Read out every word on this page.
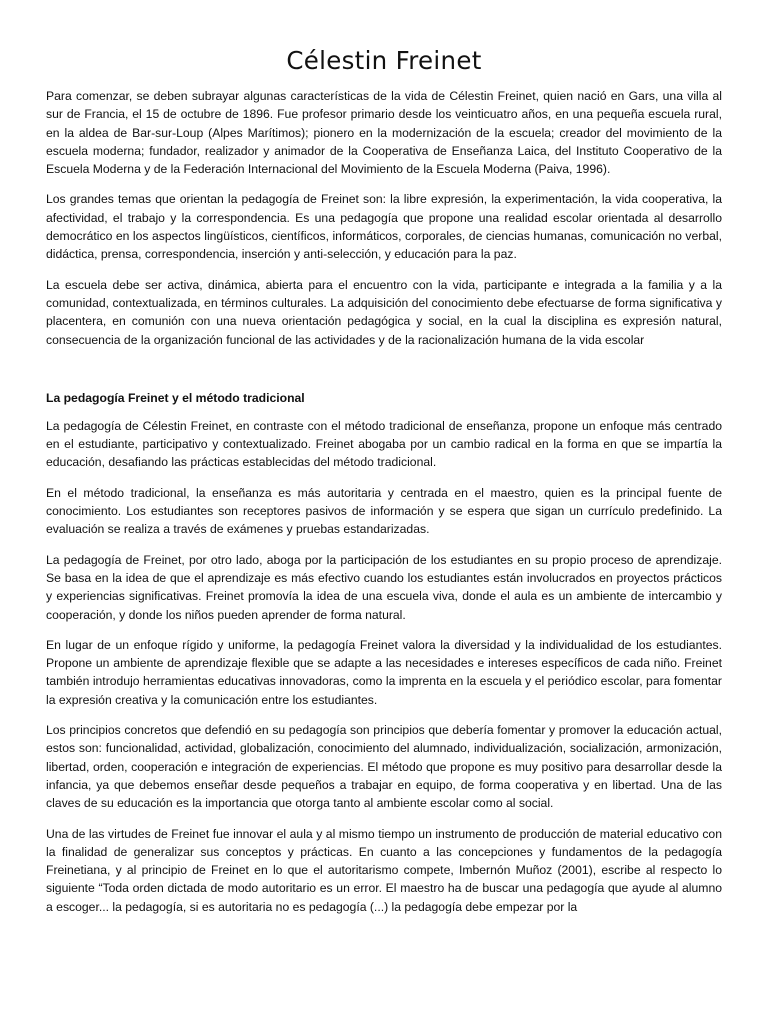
Célestin Freinet

Para comenzar, se deben subrayar algunas características de la vida de Célestin Freinet, quien nació en Gars, una villa al sur de Francia, el 15 de octubre de 1896. Fue profesor primario desde los veinticuatro años, en una pequeña escuela rural, en la aldea de Bar-sur-Loup (Alpes Marítimos); pionero en la modernización de la escuela; creador del movimiento de la escuela moderna; fundador, realizador y animador de la Cooperativa de Enseñanza Laica, del Instituto Cooperativo de la Escuela Moderna y de la Federación Internacional del Movimiento de la Escuela Moderna (Paiva, 1996).

Los grandes temas que orientan la pedagogía de Freinet son: la libre expresión, la experimentación, la vida cooperativa, la afectividad, el trabajo y la correspondencia. Es una pedagogía que propone una realidad escolar orientada al desarrollo democrático en los aspectos lingüísticos, científicos, informáticos, corporales, de ciencias humanas, comunicación no verbal, didáctica, prensa, correspondencia, inserción y anti-selección, y educación para la paz.

La escuela debe ser activa, dinámica, abierta para el encuentro con la vida, participante e integrada a la familia y a la comunidad, contextualizada, en términos culturales. La adquisición del conocimiento debe efectuarse de forma significativa y placentera, en comunión con una nueva orientación pedagógica y social, en la cual la disciplina es expresión natural, consecuencia de la organización funcional de las actividades y de la racionalización humana de la vida escolar

La pedagogía Freinet y el método tradicional

La pedagogía de Célestin Freinet, en contraste con el método tradicional de enseñanza, propone un enfoque más centrado en el estudiante, participativo y contextualizado. Freinet abogaba por un cambio radical en la forma en que se impartía la educación, desafiando las prácticas establecidas del método tradicional.

En el método tradicional, la enseñanza es más autoritaria y centrada en el maestro, quien es la principal fuente de conocimiento. Los estudiantes son receptores pasivos de información y se espera que sigan un currículo predefinido. La evaluación se realiza a través de exámenes y pruebas estandarizadas.

La pedagogía de Freinet, por otro lado, aboga por la participación de los estudiantes en su propio proceso de aprendizaje. Se basa en la idea de que el aprendizaje es más efectivo cuando los estudiantes están involucrados en proyectos prácticos y experiencias significativas. Freinet promovía la idea de una escuela viva, donde el aula es un ambiente de intercambio y cooperación, y donde los niños pueden aprender de forma natural.

En lugar de un enfoque rígido y uniforme, la pedagogía Freinet valora la diversidad y la individualidad de los estudiantes. Propone un ambiente de aprendizaje flexible que se adapte a las necesidades e intereses específicos de cada niño. Freinet también introdujo herramientas educativas innovadoras, como la imprenta en la escuela y el periódico escolar, para fomentar la expresión creativa y la comunicación entre los estudiantes.

Los principios concretos que defendió en su pedagogía son principios que debería fomentar y promover la educación actual, estos son: funcionalidad, actividad, globalización, conocimiento del alumnado, individualización, socialización, armonización, libertad, orden, cooperación e integración de experiencias. El método que propone es muy positivo para desarrollar desde la infancia, ya que debemos enseñar desde pequeños a trabajar en equipo, de forma cooperativa y en libertad. Una de las claves de su educación es la importancia que otorga tanto al ambiente escolar como al social.

Una de las virtudes de Freinet fue innovar el aula y al mismo tiempo un instrumento de producción de material educativo con la finalidad de generalizar sus conceptos y prácticas. En cuanto a las concepciones y fundamentos de la pedagogía Freinetiana, y al principio de Freinet en lo que el autoritarismo compete, Imbernón Muñoz (2001), escribe al respecto lo siguiente “Toda orden dictada de modo autoritario es un error. El maestro ha de buscar una pedagogía que ayude al alumno a escoger... la pedagogía, si es autoritaria no es pedagogía (...) la pedagogía debe empezar por la
